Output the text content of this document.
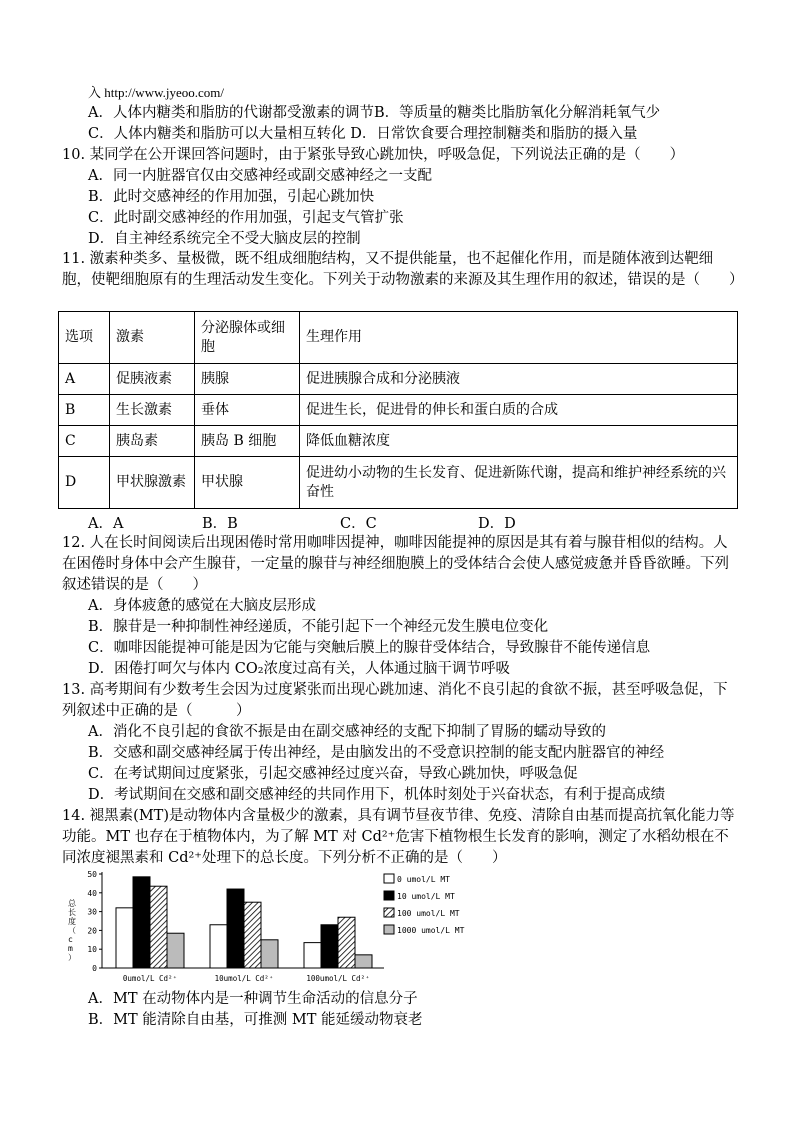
入 http://www.jyeoo.com/
A．人体内糖类和脂肪的代谢都受激素的调节B．等质量的糖类比脂肪氧化分解消耗氧气少
C．人体内糖类和脂肪可以大量相互转化 D．日常饮食要合理控制糖类和脂肪的摄入量
10. 某同学在公开课回答问题时，由于紧张导致心跳加快，呼吸急促，下列说法正确的是（　　）
A．同一内脏器官仅由交感神经或副交感神经之一支配
B．此时交感神经的作用加强，引起心跳加快
C．此时副交感神经的作用加强，引起支气管扩张
D．自主神经系统完全不受大脑皮层的控制
11. 激素种类多、量极微，既不组成细胞结构，又不提供能量，也不起催化作用，而是随体液到达靶细胞，使靶细胞原有的生理活动发生变化。下列关于动物激素的来源及其生理作用的叙述，错误的是（　　）
选项	激素	分泌腺体或细胞	生理作用
A	促胰液素	胰腺	促进胰腺合成和分泌胰液
B	生长激素	垂体	促进生长，促进骨的伸长和蛋白质的合成
C	胰岛素	胰岛 B 细胞	降低血糖浓度
D	甲状腺激素	甲状腺	促进幼小动物的生长发育、促进新陈代谢，提高和维护神经系统的兴奋性
A．A	B．B	C．C	D．D
12. 人在长时间阅读后出现困倦时常用咖啡因提神，咖啡因能提神的原因是其有着与腺苷相似的结构。人在困倦时身体中会产生腺苷，一定量的腺苷与神经细胞膜上的受体结合会使人感觉疲惫并昏昏欲睡。下列叙述错误的是（　　）
A．身体疲惫的感觉在大脑皮层形成
B．腺苷是一种抑制性神经递质，不能引起下一个神经元发生膜电位变化
C．咖啡因能提神可能是因为它能与突触后膜上的腺苷受体结合，导致腺苷不能传递信息
D．困倦打呵欠与体内 CO₂浓度过高有关，人体通过脑干调节呼吸
13. 高考期间有少数考生会因为过度紧张而出现心跳加速、消化不良引起的食欲不振，甚至呼吸急促，下列叙述中正确的是（　　　）
A．消化不良引起的食欲不振是由在副交感神经的支配下抑制了胃肠的蠕动导致的
B．交感和副交感神经属于传出神经，是由脑发出的不受意识控制的能支配内脏器官的神经
C．在考试期间过度紧张，引起交感神经过度兴奋，导致心跳加快，呼吸急促
D．考试期间在交感和副交感神经的共同作用下，机体时刻处于兴奋状态，有利于提高成绩
14. 褪黑素(MT)是动物体内含量极少的激素，具有调节昼夜节律、免疫、清除自由基而提高抗氧化能力等功能。MT 也存在于植物体内，为了解 MT 对 Cd²⁺危害下植物根生长发育的影响，测定了水稻幼根在不同浓度褪黑素和 Cd²⁺处理下的总长度。下列分析不正确的是（　　）
总长度（ c m ）
0
10
20
30
40
50
0umol/L Cd²⁺	10umol/L Cd²⁺	100umol/L Cd²⁺
0 umol/L MT
10 umol/L MT
100 umol/L MT
1000 umol/L MT
A．MT 在动物体内是一种调节生命活动的信息分子
B．MT 能清除自由基，可推测 MT 能延缓动物衰老
